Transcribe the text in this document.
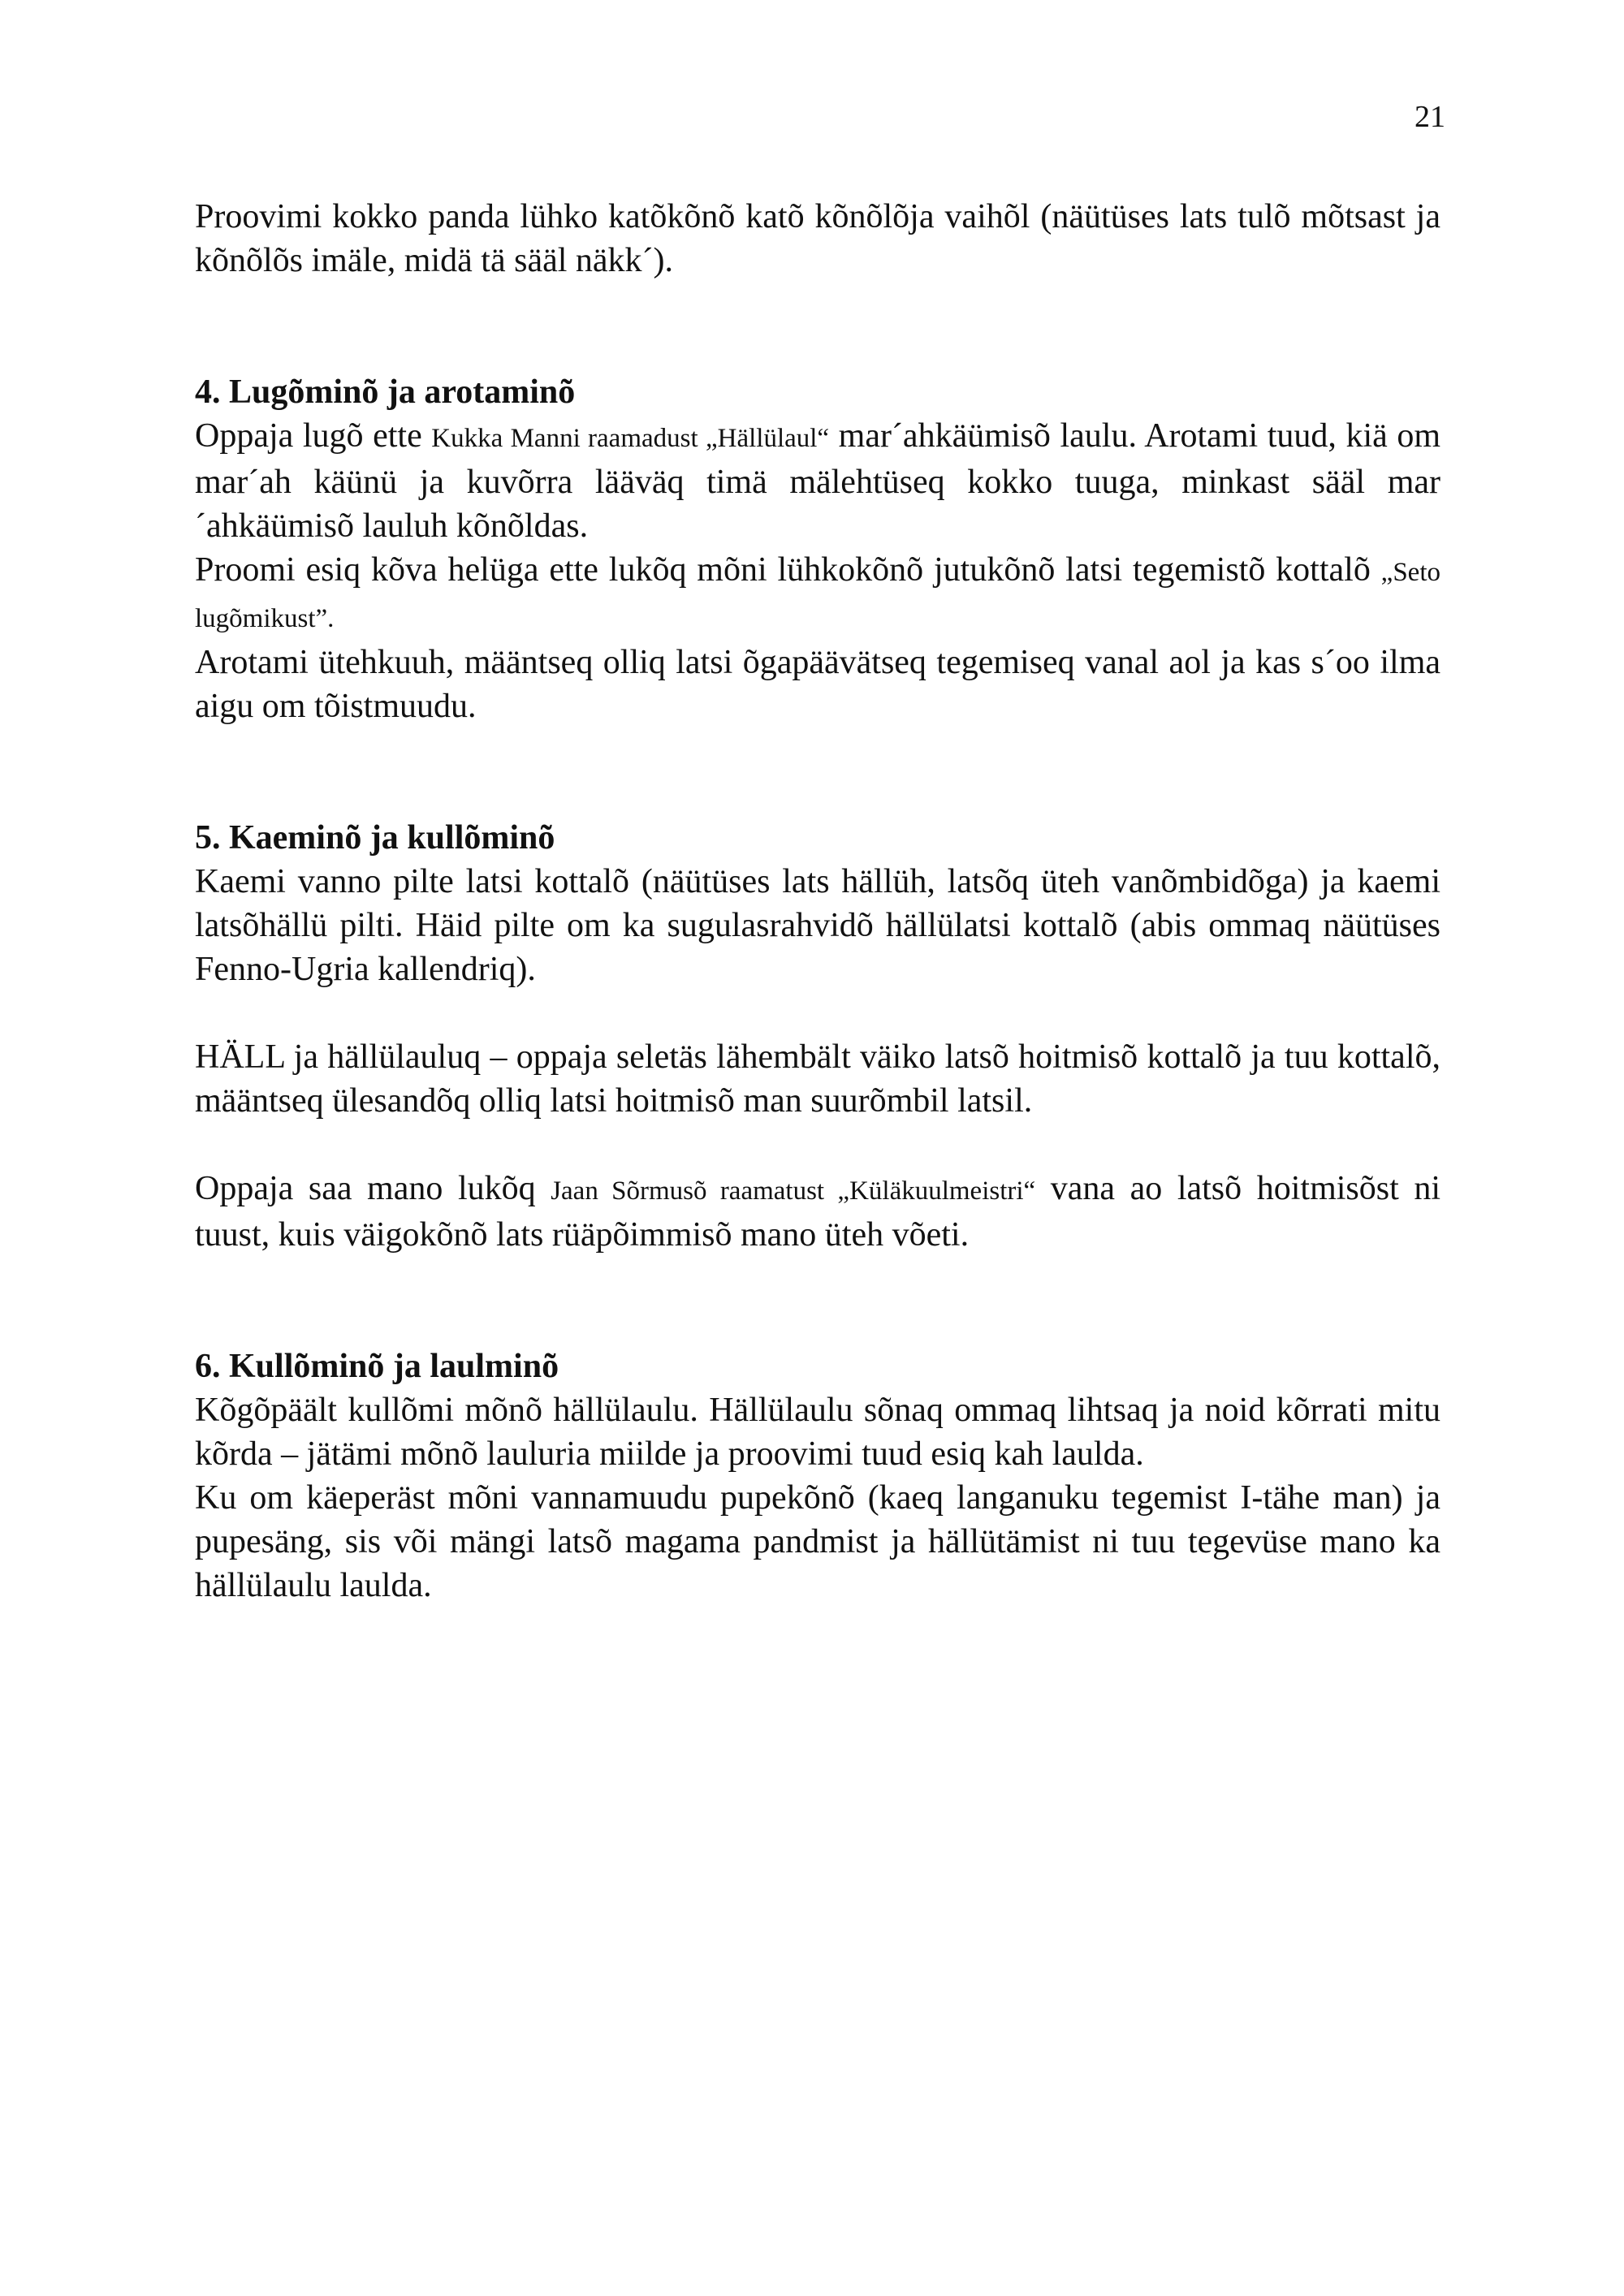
21

Proovimi kokko panda lühko katõkõnõ katõ kõnõlõja vaihõl (näütüses lats tulõ mõtsast ja kõnõlõs imäle, midä tä sääl näkk´).

4. Lugõminõ ja arotaminõ

Oppaja lugõ ette Kukka Manni raamadust „Hällülaul“ mar´ahkäümisõ laulu. Arotami tuud, kiä om mar´ah käünü ja kuvõrra lääväq timä mälehtüseq kokko tuuga, minkast sääl mar´ahkäümisõ lauluh kõnõldas.

Proomi esiq kõva helüga ette lukõq mõni lühkokõnõ jutukõnõ latsi tegemistõ kottalõ „Seto lugõmikust”.

Arotami ütehkuuh, määntseq olliq latsi õgapäävätseq tegemiseq vanal aol ja kas s´oo ilma aigu om tõistmuudu.

5. Kaeminõ ja kullõminõ

Kaemi vanno pilte latsi kottalõ (näütüses lats hällüh, latsõq üteh vanõmbidõga) ja kaemi latsõhällü pilti. Häid pilte om ka sugulasrahvidõ hällülatsi kottalõ (abis ommaq näütüses Fenno-Ugria kallendriq).

HÄLL ja hällülauluq – oppaja seletäs lähembält väiko latsõ hoitmisõ kottalõ ja tuu kottalõ, määntseq ülesandõq olliq latsi hoitmisõ man suurõmbil latsil.

Oppaja saa mano lukõq Jaan Sõrmusõ raamatust „Küläkuulmeistri“ vana ao latsõ hoitmisõst ni tuust, kuis väigokõnõ lats rüäpõimmisõ mano üteh võeti.

6. Kullõminõ ja laulminõ

Kõgõpäält kullõmi mõnõ hällülaulu. Hällülaulu sõnaq ommaq lihtsaq ja noid kõrrati mitu kõrda – jätämi mõnõ lauluria miilde ja proovimi tuud esiq kah laulda.

Ku om käeperäst mõni vannamuudu pupekõnõ (kaeq langanuku tegemist I-tähe man) ja pupesäng, sis või mängi latsõ magama pandmist ja hällütämist ni tuu tegevüse mano ka hällülaulu laulda.
